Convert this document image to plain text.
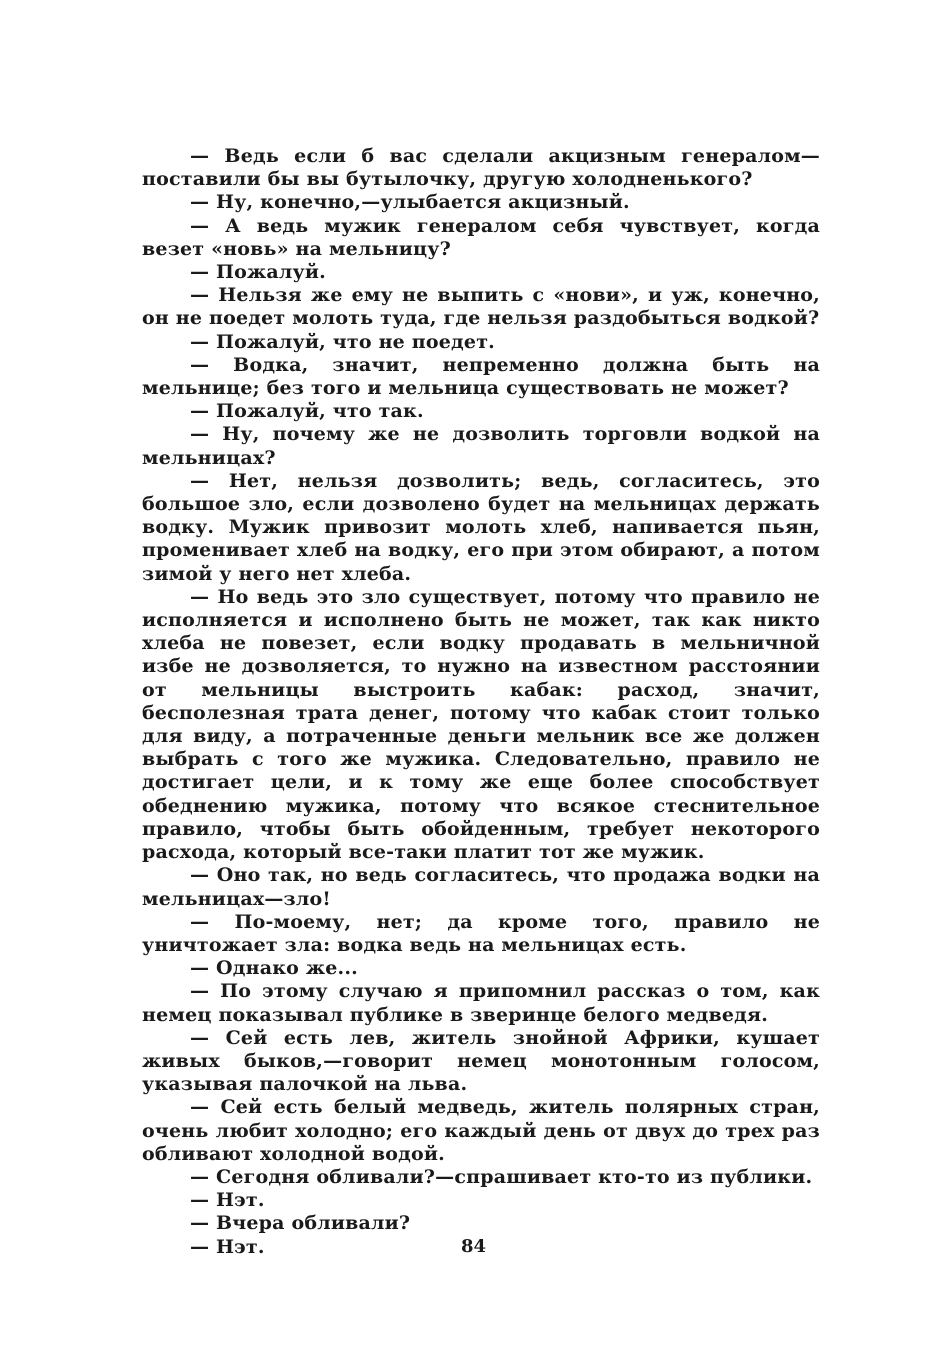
— Ведь если б вас сделали акцизным генералом—поставили бы вы бутылочку, другую холодненького?

— Ну, конечно,—улыбается акцизный.

— А ведь мужик генералом себя чувствует, когда везет «новь» на мельницу?

— Пожалуй.

— Нельзя же ему не выпить с «нови», и уж, конечно, он не поедет молоть туда, где нельзя раздобыться водкой?

— Пожалуй, что не поедет.

— Водка, значит, непременно должна быть на мельнице; без того и мельница существовать не может?

— Пожалуй, что так.

— Ну, почему же не дозволить торговли водкой на мельницах?

— Нет, нельзя дозволить; ведь, согласитесь, это большое зло, если дозволено будет на мельницах держать водку. Мужик привозит молоть хлеб, напивается пьян, променивает хлеб на водку, его при этом обирают, а потом зимой у него нет хлеба.

— Но ведь это зло существует, потому что правило не исполняется и исполнено быть не может, так как никто хлеба не повезет, если водку продавать в мельничной избе не дозволяется, то нужно на известном расстоянии от мельницы выстроить кабак: расход, значит, бесполезная трата денег, потому что кабак стоит только для виду, а потраченные деньги мельник все же должен выбрать с того же мужика. Следовательно, правило не достигает цели, и к тому же еще более способствует обеднению мужика, потому что всякое стеснительное правило, чтобы быть обойденным, требует некоторого расхода, который все-таки платит тот же мужик.

— Оно так, но ведь согласитесь, что продажа водки на мельницах—зло!

— По-моему, нет; да кроме того, правило не уничтожает зла: водка ведь на мельницах есть.

— Однако же...

— По этому случаю я припомнил рассказ о том, как немец показывал публике в зверинце белого медведя.

— Сей есть лев, житель знойной Африки, кушает живых быков,—говорит немец монотонным голосом, указывая палочкой на льва.

— Сей есть белый медведь, житель полярных стран, очень любит холодно; его каждый день от двух до трех раз обливают холодной водой.

— Сегодня обливали?—спрашивает кто-то из публики.

— Нэт.

— Вчера обливали?

— Нэт.	84
